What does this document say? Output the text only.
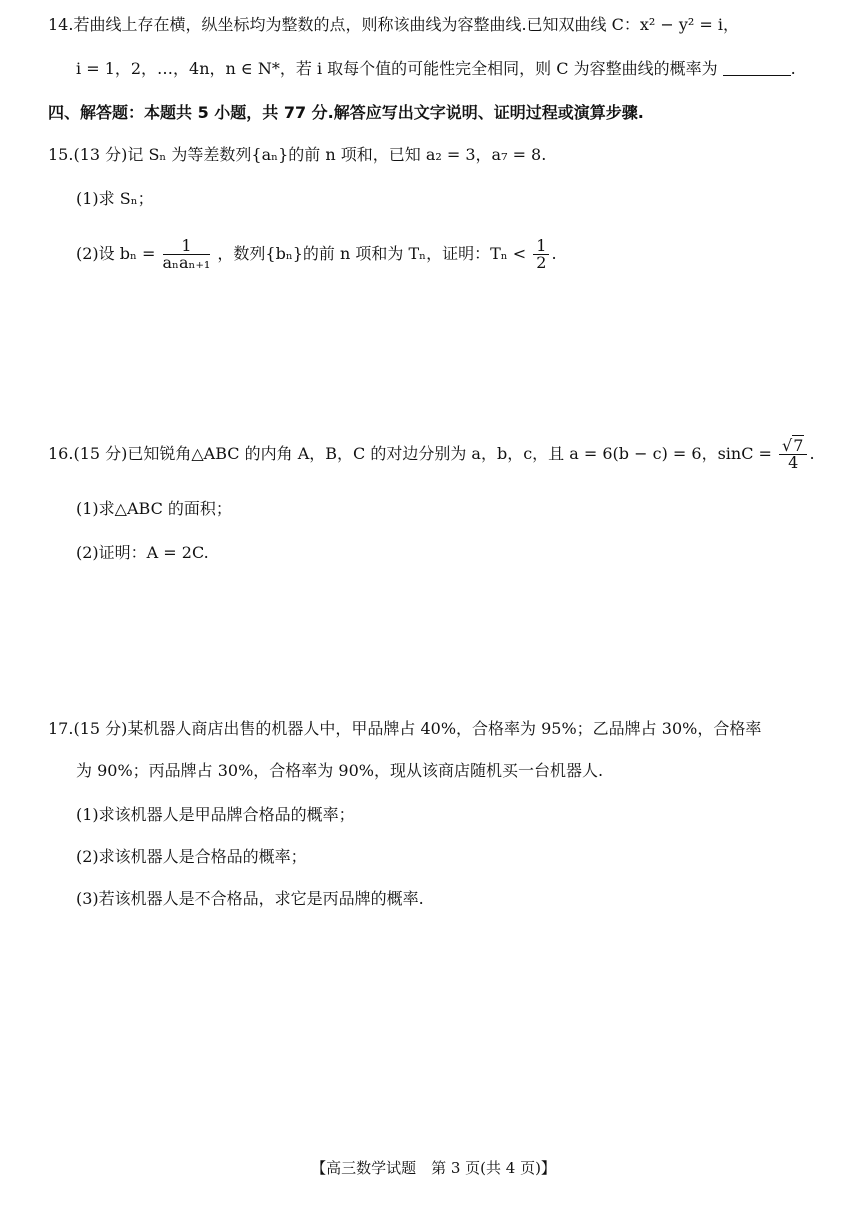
14.若曲线上存在横，纵坐标均为整数的点，则称该曲线为容整曲线.已知双曲线 C：x² − y² = i，
i = 1，2，…，4n，n ∈ N*，若 i 取每个值的可能性完全相同，则 C 为容整曲线的概率为	.
四、解答题：本题共 5 小题，共 77 分.解答应写出文字说明、证明过程或演算步骤.
15.(13 分)记 Sₙ 为等差数列{aₙ}的前 n 项和，已知 a₂ = 3，a₇ = 8.
(1)求 Sₙ；
(2)设 $b_n = \frac{1}{\text{aₙaₙ₊₁}}$ ，数列{bₙ}的前 n 项和为 Tₙ，证明：$T_n < \frac{1}{2}$ .
16.(15 分)已知锐角△ABC 的内角 A，B，C 的对边分别为 a，b，c，且 a = 6(b − c) = 6，$\sin C = \frac{√7}{4}$ .
(1)求△ABC 的面积；
(2)证明：A = 2C.
17.(15 分)某机器人商店出售的机器人中，甲品牌占 40%，合格率为 95%；乙品牌占 30%，合格率
为 90%；丙品牌占 30%，合格率为 90%，现从该商店随机买一台机器人.
(1)求该机器人是甲品牌合格品的概率；
(2)求该机器人是合格品的概率；
(3)若该机器人是不合格品，求它是丙品牌的概率.
【高三数学试题　第 3 页(共 4 页)】
